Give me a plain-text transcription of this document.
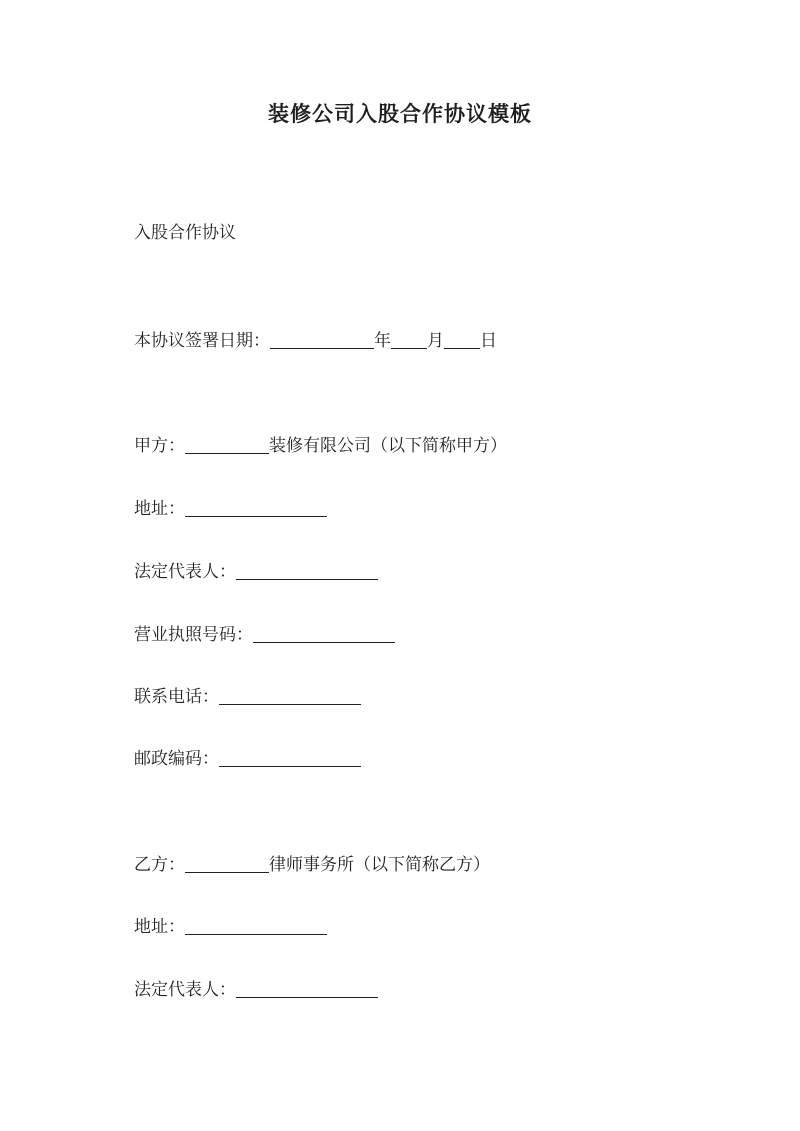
装修公司入股合作协议模板
入股合作协议
本协议签署日期：	年 月 日
甲方：	装修有限公司（以下简称甲方）
地址：
法定代表人：
营业执照号码：
联系电话：
邮政编码：
乙方：	律师事务所（以下简称乙方）
地址：
法定代表人：
